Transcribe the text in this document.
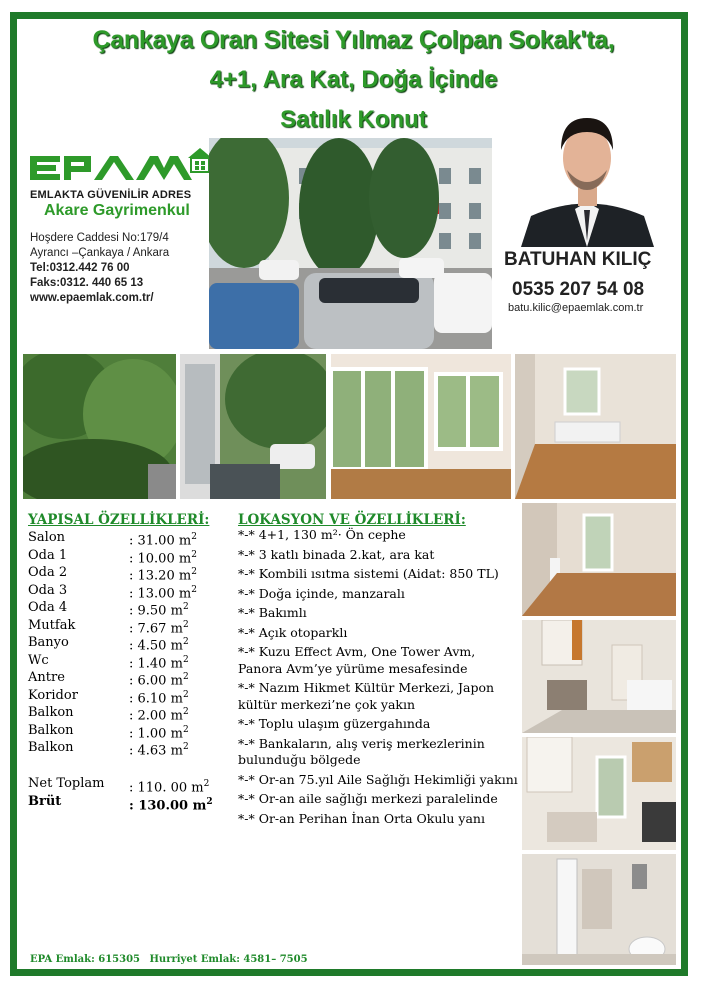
Çankaya Oran Sitesi Yılmaz Çolpan Sokak'ta,
4+1, Ara Kat, Doğa İçinde
Satılık Konut
EMLAKTA GÜVENİLİR ADRES
Akare Gayrimenkul
Hoşdere Caddesi No:179/4
Ayrancı –Çankaya / Ankara
Tel:0312.442 76 00
Faks:0312. 440 65 13
www.epaemlak.com.tr/
BATUHAN KILIÇ
0535 207 54 08
batu.kilic@epaemlak.com.tr
YAPISAL ÖZELLİKLERİ:
Salon	: 31.00 $m^2$
Oda 1	: 10.00 $m^2$
Oda 2	: 13.20 $m^2$
Oda 3	: 13.00 $m^2$
Oda 4	: 9.50 $m^2$
Mutfak	: 7.67 $m^2$
Banyo	: 4.50 $m^2$
Wc	: 1.40 $m^2$
Antre	: 6.00 $m^2$
Koridor	: 6.10 $m^2$
Balkon	: 2.00 $m^2$
Balkon	: 1.00 $m^2$
Balkon	: 4.63 $m^2$
Net Toplam : 110. 00 $m^2$
Brüt	: 130.00 $m^2$
LOKASYON VE ÖZELLİKLERİ:
*-* 4+1, 130 m²· Ön cephe
*-* 3 katlı binada 2.kat, ara kat
*-* Kombili ısıtma sistemi (Aidat: 850 TL)
*-* Doğa içinde, manzaralı
*-* Bakımlı
*-* Açık otoparklı
*-* Kuzu Effect Avm, One Tower Avm, Panora Avm’ye yürüme mesafesinde
*-* Nazım Hikmet Kültür Merkezi, Japon kültür merkezi’ne çok yakın
*-* Toplu ulaşım güzergahında
*-* Bankaların, alış veriş merkezlerinin bulunduğu bölgede
*-* Or-an 75.yıl Aile Sağlığı Hekimliği yakını
*-* Or-an aile sağlığı merkezi paralelinde
*-* Or-an Perihan İnan Orta Okulu yanı
EPA Emlak: 615305 Hurriyet Emlak: 4581– 7505
